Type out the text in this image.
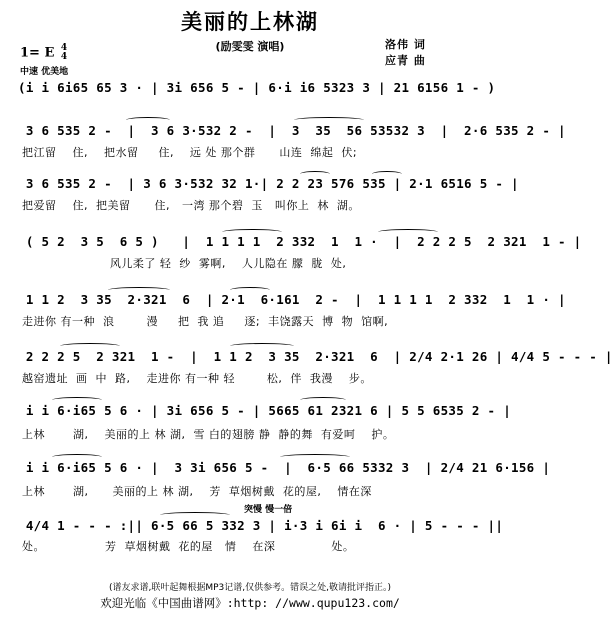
美丽的上林湖
(励雯雯 演唱)	洛伟 词
应青 曲
1= E 4
4
中速 优美地

(i i 6i65 65 3 · | 3i 656 5 - | 6·i i6 5323 3 | 21 6156 1 - )

3 6 535 2 -  |  3 6 3·532 2 -  |  3  35  56 53532 3  |  2·6 535 2 - |

把江留    住,    把水留     住,    远 处 那个群      山连  绵起  伏;

3 6 535 2 -  | 3 6 3·532 32 1·| 2 2 23 576 535 | 2·1 6516 5 - |

把爱留    住,  把美留      住,   一湾 那个碧  玉   叫你上  林  湖。

( 5 2  3 5  6 5 )   |  1 1 1 1  2 332  1  1 ·  |  2 2 2 5  2 321  1 - |

风儿柔了 轻  纱  雾啊,    人儿隐在 朦  胧  处,

1 1 2  3 35  2·321  6  | 2·1  6·161  2 -  |  1 1 1 1  2 332  1  1 · |

走进你 有一种  浪        漫     把  我 追     逐;  丰饶露天  博  物  馆啊,

2 2 2 5  2 321  1 -  |  1 1 2  3 35  2·321  6  | 2/4 2·1 26 | 4/4 5 - - - |

越窑遗址  画  中  路,    走进你 有一种 轻        松,  伴  我漫    步。

i i 6·i65 5 6 · | 3i 656 5 - | 5665 61 2321 6 | 5 5 6535 2 - |

上林       湖,    美丽的上 林 湖,  雪 白的翅膀 静  静的舞  有爱呵    护。

i i 6·i65 5 6 · |  3 3i 656 5 -  |  6·5 66 5332 3  | 2/4 21 6·156 |

上林       湖,      美丽的上 林 湖,    芳  草烟树戴  花的屋,    情在深

突慢 慢一倍

4/4 1 - - - :|| 6·5 66 5 332 3 | i·3 i 6i i  6 · | 5 - - - ||

处。               芳  草烟树戴  花的屋   情    在深              处。

(谱友求谱,联叶起舞根据MP3记谱,仅供参考。错误之处,敬请批评指正。)
欢迎光临《中国曲谱网》:http: //www.qupu123.com/
